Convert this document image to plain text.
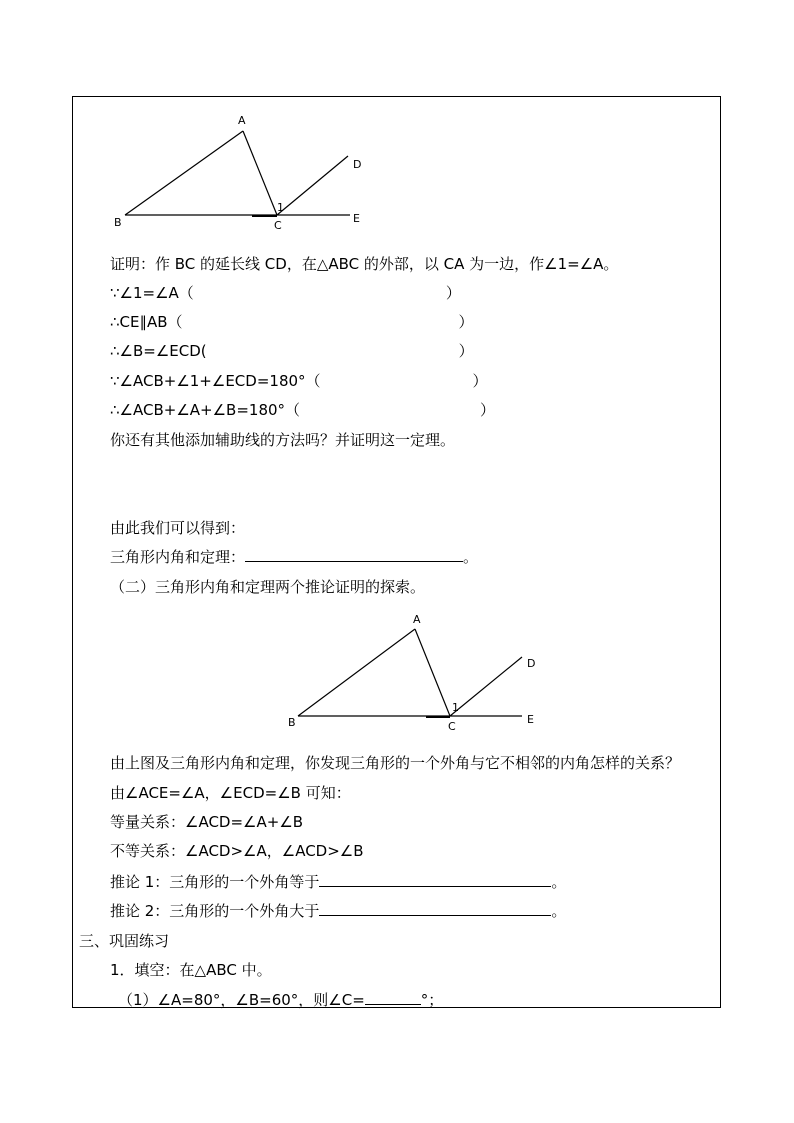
A
B	C
D
E
1
证明：作 BC 的延长线 CD，在△ABC 的外部，以 CA 为一边，作∠1=∠A。
∵∠1=∠A（	）
∴CE∥AB（	）
∴∠B=∠ECD(	）
∵∠ACB+∠1+∠ECD=180°（	）
∴∠ACB+∠A+∠B=180°（	）
你还有其他添加辅助线的方法吗？并证明这一定理。
由此我们可以得到：
三角形内角和定理：	。
（二）三角形内角和定理两个推论证明的探索。
A
B	C
D
E
1
由上图及三角形内角和定理，你发现三角形的一个外角与它不相邻的内角怎样的关系？
由∠ACE=∠A，∠ECD=∠B 可知：
等量关系：∠ACD=∠A+∠B
不等关系：∠ACD>∠A，∠ACD>∠B
推论 1：三角形的一个外角等于	。
推论 2：三角形的一个外角大于	。
三、巩固练习
1．填空：在△ABC 中。
（1）∠A=80°，∠B=60°，则∠C=	°；
